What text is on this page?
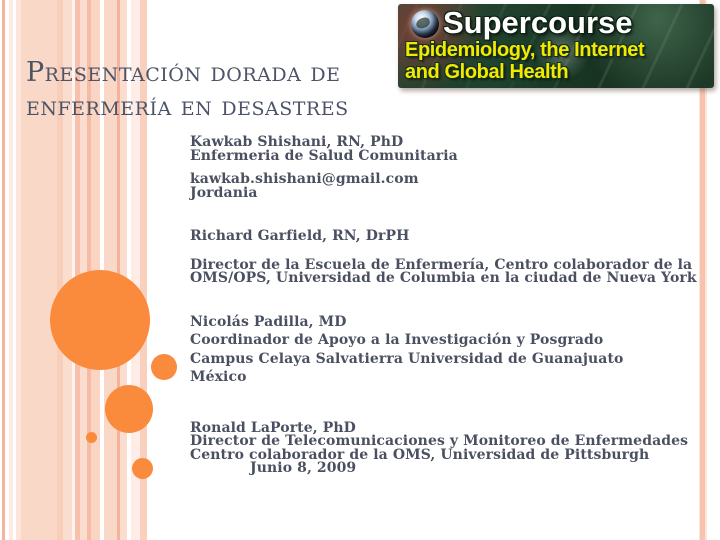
Supercourse
Epidemiology, the Internet
and Global Health
Presentación dorada de
enfermería en desastres

Kawkab Shishani, RN, PhD

Enfermeria de Salud Comunitaria

kawkab.shishani@gmail.com

Jordania

Richard Garfield, RN, DrPH

Director de la Escuela de Enfermería, Centro colaborador de la OMS/OPS, Universidad de Columbia en la ciudad de Nueva York

Nicolás Padilla, MD

Coordinador de Apoyo a la Investigación y Posgrado

Campus Celaya Salvatierra Universidad de Guanajuato

México

Ronald LaPorte, PhD

Director de Telecomunicaciones y Monitoreo de Enfermedades

Centro colaborador de la OMS, Universidad de Pittsburgh

Junio 8, 2009
